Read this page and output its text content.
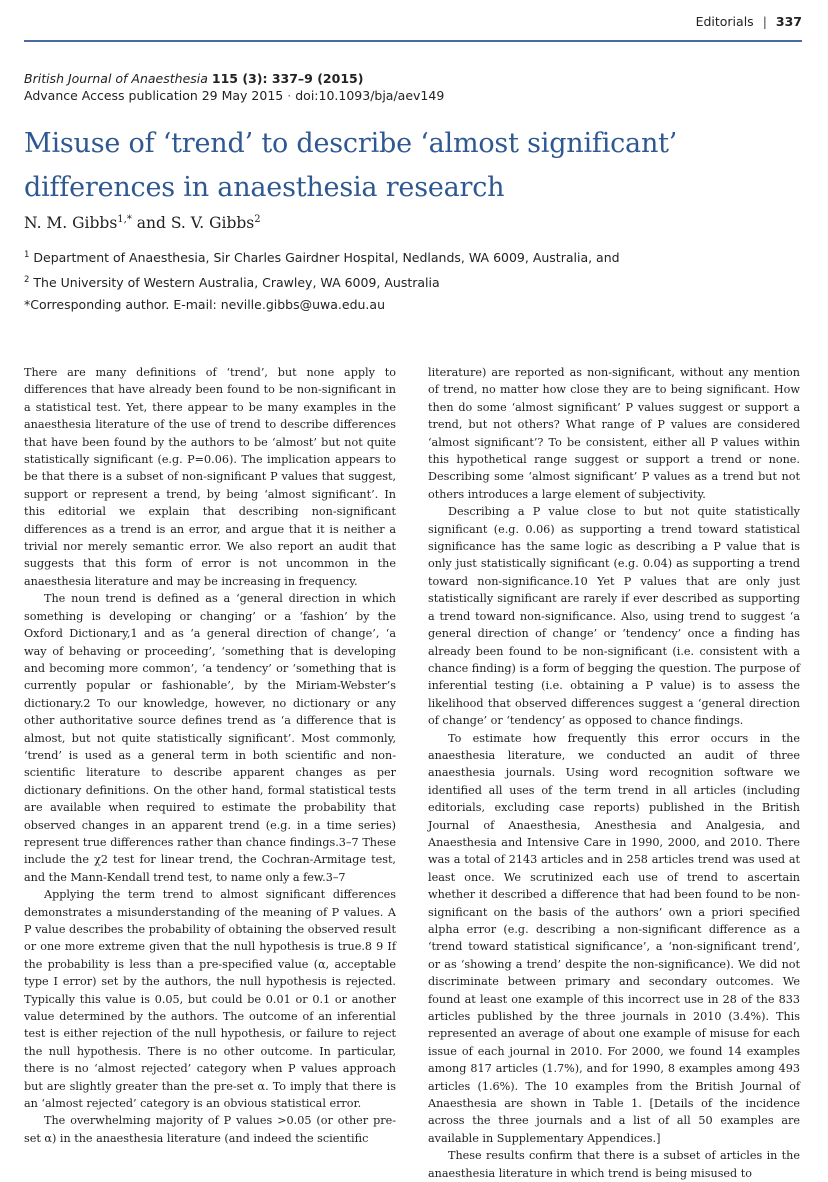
Editorials | 337
British Journal of Anaesthesia 115 (3): 337–9 (2015)
Advance Access publication 29 May 2015 · doi:10.1093/bja/aev149
Misuse of ‘trend’ to describe ‘almost significant’
differences in anaesthesia research
N. M. Gibbs$^{1,*}$ and S. V. Gibbs$^2$
$^1$ Department of Anaesthesia, Sir Charles Gairdner Hospital, Nedlands, WA 6009, Australia, and
$^2$ The University of Western Australia, Crawley, WA 6009, Australia
*Corresponding author. E-mail: neville.gibbs@uwa.edu.au

There are many definitions of ‘trend’, but none apply to differences that have already been found to be non-significant in a statistical test. Yet, there appear to be many examples in the anaesthesia literature of the use of trend to describe differences that have been found by the authors to be ‘almost’ but not quite statistically significant (e.g. P=0.06). The implication appears to be that there is a subset of non-significant P values that suggest, support or represent a trend, by being ‘almost significant’. In this editorial we explain that describing non-significant differences as a trend is an error, and argue that it is neither a trivial nor merely semantic error. We also report an audit that suggests that this form of error is not uncommon in the anaesthesia literature and may be increasing in frequency.

The noun trend is defined as a ‘general direction in which something is developing or changing’ or a ‘fashion’ by the Oxford Dictionary,1 and as ‘a general direction of change’, ‘a way of behaving or proceeding’, ‘something that is developing and becoming more common’, ‘a tendency’ or ‘something that is currently popular or fashionable’, by the Miriam-Webster’s dictionary.2 To our knowledge, however, no dictionary or any other authoritative source defines trend as ‘a difference that is almost, but not quite statistically significant’. Most commonly, ‘trend’ is used as a general term in both scientific and non-scientific literature to describe apparent changes as per dictionary definitions. On the other hand, formal statistical tests are available when required to estimate the probability that observed changes in an apparent trend (e.g. in a time series) represent true differences rather than chance findings.3–7 These include the χ2 test for linear trend, the Cochran-Armitage test, and the Mann-Kendall trend test, to name only a few.3–7

Applying the term trend to almost significant differences demonstrates a misunderstanding of the meaning of P values. A P value describes the probability of obtaining the observed result or one more extreme given that the null hypothesis is true.8 9 If the probability is less than a pre-specified value (α, acceptable type I error) set by the authors, the null hypothesis is rejected. Typically this value is 0.05, but could be 0.01 or 0.1 or another value determined by the authors. The outcome of an inferential test is either rejection of the null hypothesis, or failure to reject the null hypothesis. There is no other outcome. In particular, there is no ‘almost rejected’ category when P values approach but are slightly greater than the pre-set α. To imply that there is an ‘almost rejected’ category is an obvious statistical error.

The overwhelming majority of P values >0.05 (or other pre-set α) in the anaesthesia literature (and indeed the scientific

literature) are reported as non-significant, without any mention of trend, no matter how close they are to being significant. How then do some ‘almost significant’ P values suggest or support a trend, but not others? What range of P values are considered ‘almost significant’? To be consistent, either all P values within this hypothetical range suggest or support a trend or none. Describing some ‘almost significant’ P values as a trend but not others introduces a large element of subjectivity.

Describing a P value close to but not quite statistically significant (e.g. 0.06) as supporting a trend toward statistical significance has the same logic as describing a P value that is only just statistically significant (e.g. 0.04) as supporting a trend toward non-significance.10 Yet P values that are only just statistically significant are rarely if ever described as supporting a trend toward non-significance. Also, using trend to suggest ‘a general direction of change’ or ‘tendency’ once a finding has already been found to be non-significant (i.e. consistent with a chance finding) is a form of begging the question. The purpose of inferential testing (i.e. obtaining a P value) is to assess the likelihood that observed differences suggest a ‘general direction of change’ or ‘tendency’ as opposed to chance findings.

To estimate how frequently this error occurs in the anaesthesia literature, we conducted an audit of three anaesthesia journals. Using word recognition software we identified all uses of the term trend in all articles (including editorials, excluding case reports) published in the British Journal of Anaesthesia, Anesthesia and Analgesia, and Anaesthesia and Intensive Care in 1990, 2000, and 2010. There was a total of 2143 articles and in 258 articles trend was used at least once. We scrutinized each use of trend to ascertain whether it described a difference that had been found to be non-significant on the basis of the authors’ own a priori specified alpha error (e.g. describing a non-significant difference as a ‘trend toward statistical significance’, a ‘non-significant trend’, or as ‘showing a trend’ despite the non-significance). We did not discriminate between primary and secondary outcomes. We found at least one example of this incorrect use in 28 of the 833 articles published by the three journals in 2010 (3.4%). This represented an average of about one example of misuse for each issue of each journal in 2010. For 2000, we found 14 examples among 817 articles (1.7%), and for 1990, 8 examples among 493 articles (1.6%). The 10 examples from the British Journal of Anaesthesia are shown in Table 1. [Details of the incidence across the three journals and a list of all 50 examples are available in Supplementary Appendices.]

These results confirm that there is a subset of articles in the anaesthesia literature in which trend is being misused to
